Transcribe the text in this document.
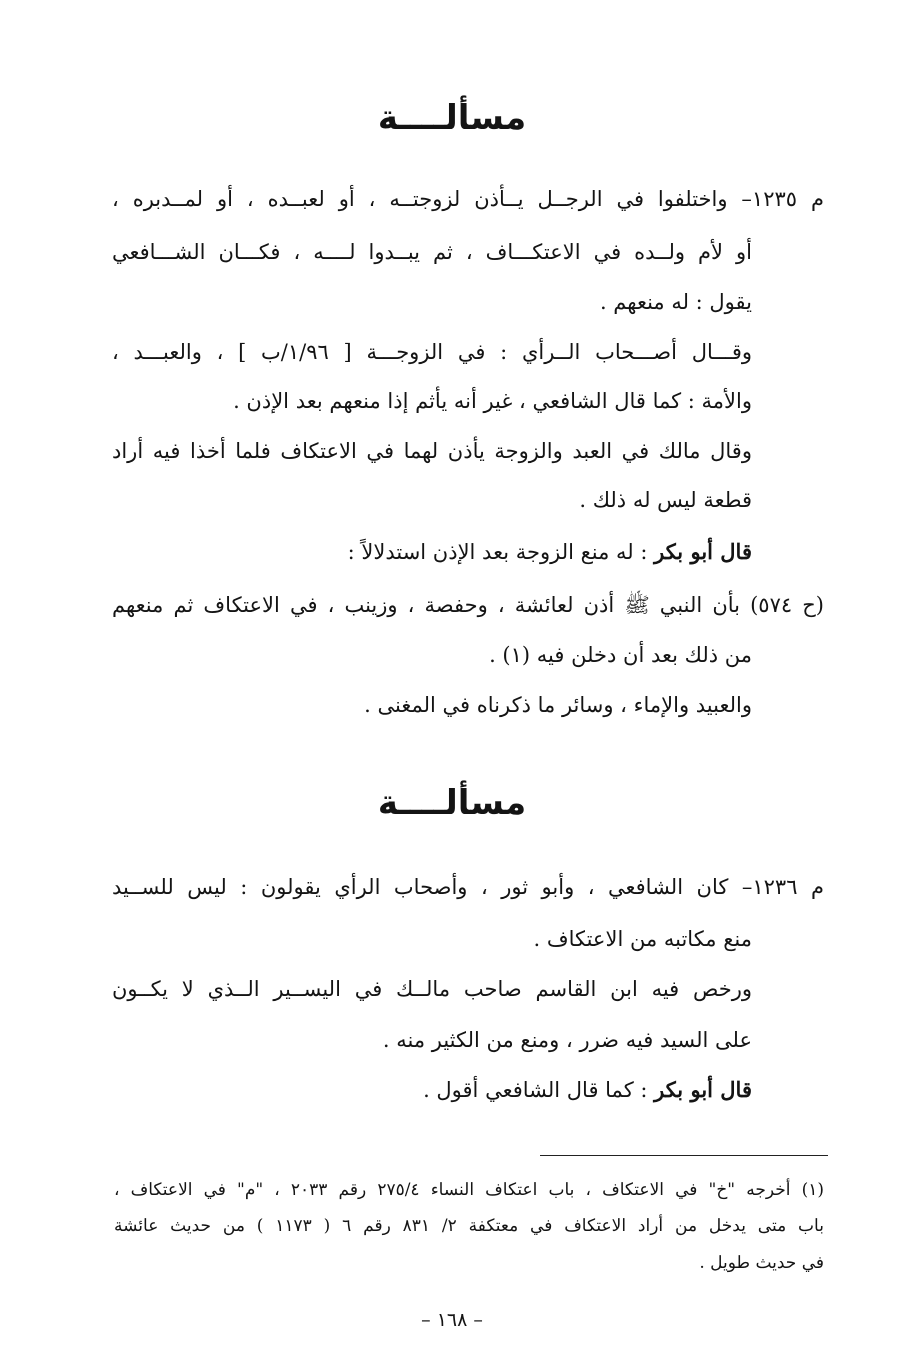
مسألــــة
م ١٢٣٥– واختلفوا في الرجــل يــأذن لزوجتــه ، أو لعبــده ، أو لمــدبره ،
أو لأم ولــده في الاعتكـــاف ، ثم يبــدوا لــــه ، فكـــان الشـــافعي
يقول : له منعهم .
وقـــال أصـــحاب الــرأي : في الزوجـــة [ ١/٩٦/ب ] ، والعبـــد ،
والأمة : كما قال الشافعي ، غير أنه يأثم إذا منعهم بعد الإذن .
وقال مالك في العبد والزوجة يأذن لهما في الاعتكاف فلما أخذا فيه أراد
قطعة ليس له ذلك .
قال أبو بكر : له منع الزوجة بعد الإذن استدلالاً :
(ح ٥٧٤) بأن النبي ﷺ أذن لعائشة ، وحفصة ، وزينب ، في الاعتكاف ثم منعهم
من ذلك بعد أن دخلن فيه (١) .
والعبيد والإماء ، وسائر ما ذكرناه في المغنى .
مسألــــة
م ١٢٣٦– كان الشافعي ، وأبو ثور ، وأصحاب الرأي يقولون : ليس للســيد
منع مكاتبه من الاعتكاف .
ورخص فيه ابن القاسم صاحب مالــك في اليســير الــذي لا يكــون
على السيد فيه ضرر ، ومنع من الكثير منه .
قال أبو بكر : كما قال الشافعي أقول .
(١) أخرجه "خ" في الاعتكاف ، باب اعتكاف النساء ٢٧٥/٤ رقم ٢٠٣٣ ، "م" في الاعتكاف ،
باب متى يدخل من أراد الاعتكاف في معتكفة ٢/ ٨٣١ رقم ٦ ( ١١٧٣ ) من حديث عائشة
في حديث طويل .
– ١٦٨ –
